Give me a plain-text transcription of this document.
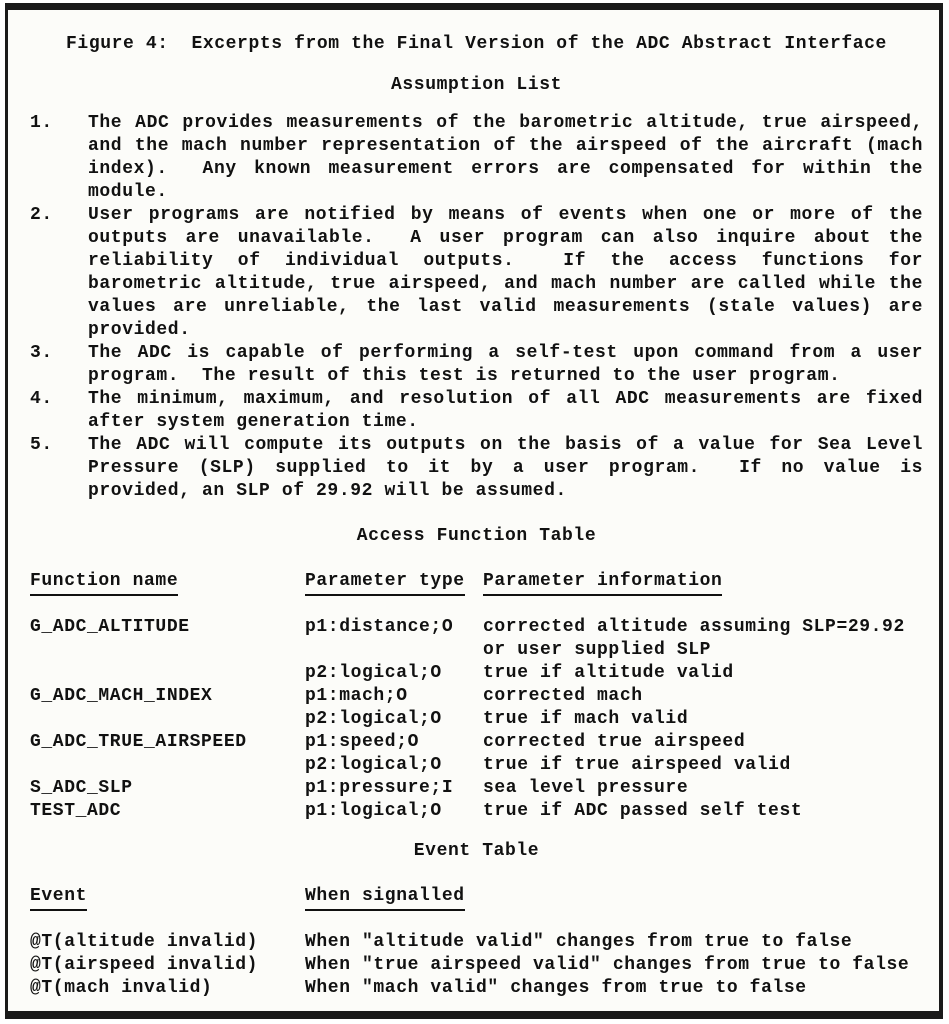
Figure 4:  Excerpts from the Final Version of the ADC Abstract Interface
Assumption List
1.	The ADC provides measurements of the barometric altitude, true airspeed,
and the mach number representation of the airspeed of the aircraft (mach
index).  Any known measurement errors are compensated for within the
module.
2.	User programs are notified by means of events when one or more of the
outputs are unavailable.  A user program can also inquire about the
reliability of individual outputs.  If the access functions for
barometric altitude, true airspeed, and mach number are called while the
values are unreliable, the last valid measurements (stale values) are
provided.
3.	The ADC is capable of performing a self-test upon command from a user
program.  The result of this test is returned to the user program.
4.	The minimum, maximum, and resolution of all ADC measurements are fixed
after system generation time.
5.	The ADC will compute its outputs on the basis of a value for Sea Level
Pressure (SLP) supplied to it by a user program.  If no value is
provided, an SLP of 29.92 will be assumed.
Access Function Table
Function name	Parameter type	Parameter information
G_ADC_ALTITUDE	p1:distance;O	corrected altitude assuming SLP=29.92
		or user supplied SLP
	p2:logical;O	true if altitude valid
G_ADC_MACH_INDEX	p1:mach;O	corrected mach
	p2:logical;O	true if mach valid
G_ADC_TRUE_AIRSPEED	p1:speed;O	corrected true airspeed
	p2:logical;O	true if true airspeed valid
S_ADC_SLP	p1:pressure;I	sea level pressure
TEST_ADC	p1:logical;O	true if ADC passed self test
Event Table
Event	When signalled
@T(altitude invalid)	When "altitude valid" changes from true to false
@T(airspeed invalid)	When "true airspeed valid" changes from true to false
@T(mach invalid)	When "mach valid" changes from true to false
